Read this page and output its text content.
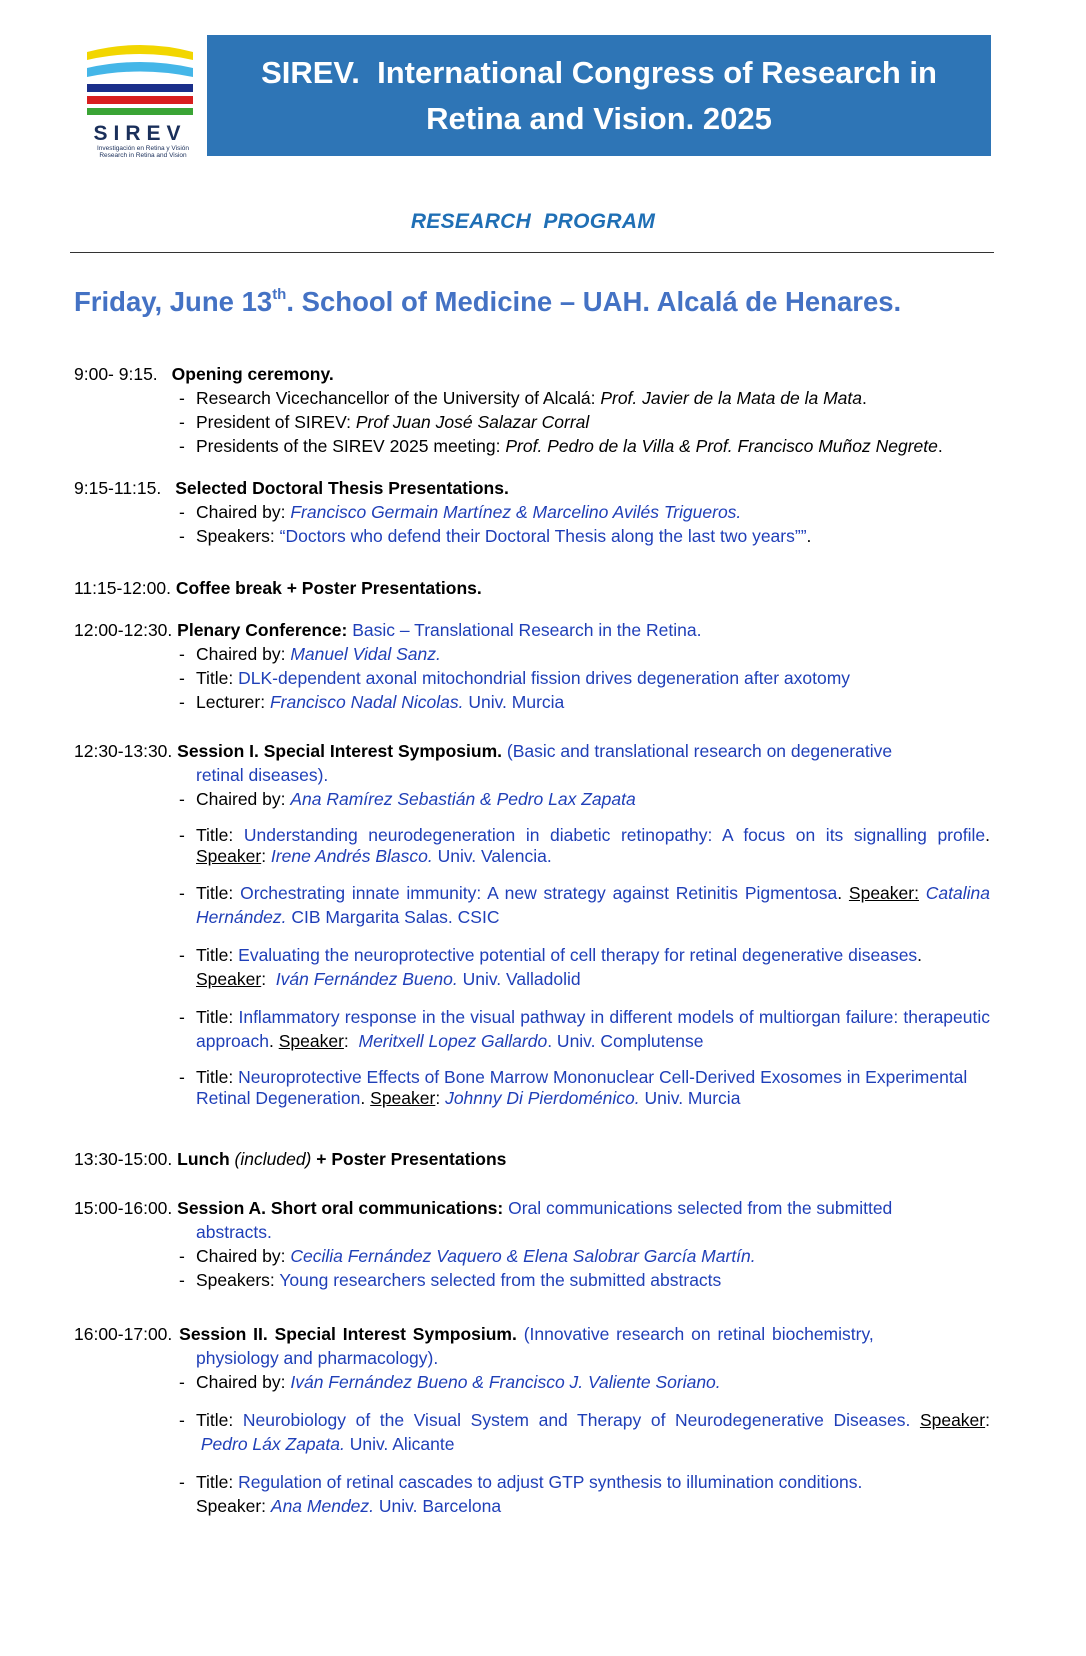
SIREV
Investigación en Retina y Visión
Research in Retina and Vision
SIREV.  International Congress of Research in
Retina and Vision. 2025
RESEARCH  PROGRAM
Friday, June 13th. School of Medicine – UAH. Alcalá de Henares.
9:00- 9:15. Opening ceremony.
- Research Vicechancellor of the University of Alcalá: Prof. Javier de la Mata de la Mata.
- President of SIREV: Prof Juan José Salazar Corral
- Presidents of the SIREV 2025 meeting: Prof. Pedro de la Villa & Prof. Francisco Muñoz Negrete.
9:15-11:15. Selected Doctoral Thesis Presentations.
- Chaired by: Francisco Germain Martínez & Marcelino Avilés Trigueros.
- Speakers: “Doctors who defend their Doctoral Thesis along the last two years””.
11:15-12:00. Coffee break + Poster Presentations.
12:00-12:30. Plenary Conference: Basic – Translational Research in the Retina.
- Chaired by: Manuel Vidal Sanz.
- Title: DLK-dependent axonal mitochondrial fission drives degeneration after axotomy
- Lecturer: Francisco Nadal Nicolas. Univ. Murcia
12:30-13:30. Session I. Special Interest Symposium. (Basic and translational research on degenerative
retinal diseases).
- Chaired by: Ana Ramírez Sebastián & Pedro Lax Zapata
- Title: Understanding neurodegeneration in diabetic retinopathy: A focus on its signalling profile. Speaker: Irene Andrés Blasco. Univ. Valencia.
- Title: Orchestrating innate immunity: A new strategy against Retinitis Pigmentosa. Speaker: Catalina Hernández. CIB Margarita Salas. CSIC
- Title: Evaluating the neuroprotective potential of cell therapy for retinal degenerative diseases. Speaker:  Iván Fernández Bueno. Univ. Valladolid
- Title: Inflammatory response in the visual pathway in different models of multiorgan failure: therapeutic approach. Speaker:  Meritxell Lopez Gallardo. Univ. Complutense
- Title: Neuroprotective Effects of Bone Marrow Mononuclear Cell-Derived Exosomes in Experimental Retinal Degeneration. Speaker: Johnny Di Pierdoménico. Univ. Murcia
13:30-15:00. Lunch (included) + Poster Presentations
15:00-16:00. Session A. Short oral communications: Oral communications selected from the submitted
abstracts.
- Chaired by: Cecilia Fernández Vaquero & Elena Salobrar García Martín.
- Speakers: Young researchers selected from the submitted abstracts
16:00-17:00. Session II. Special Interest Symposium. (Innovative research on retinal biochemistry,
physiology and pharmacology).
- Chaired by: Iván Fernández Bueno & Francisco J. Valiente Soriano.
- Title: Neurobiology of the Visual System and Therapy of Neurodegenerative Diseases. Speaker:  Pedro Láx Zapata. Univ. Alicante
- Title: Regulation of retinal cascades to adjust GTP synthesis to illumination conditions.
Speaker: Ana Mendez. Univ. Barcelona
